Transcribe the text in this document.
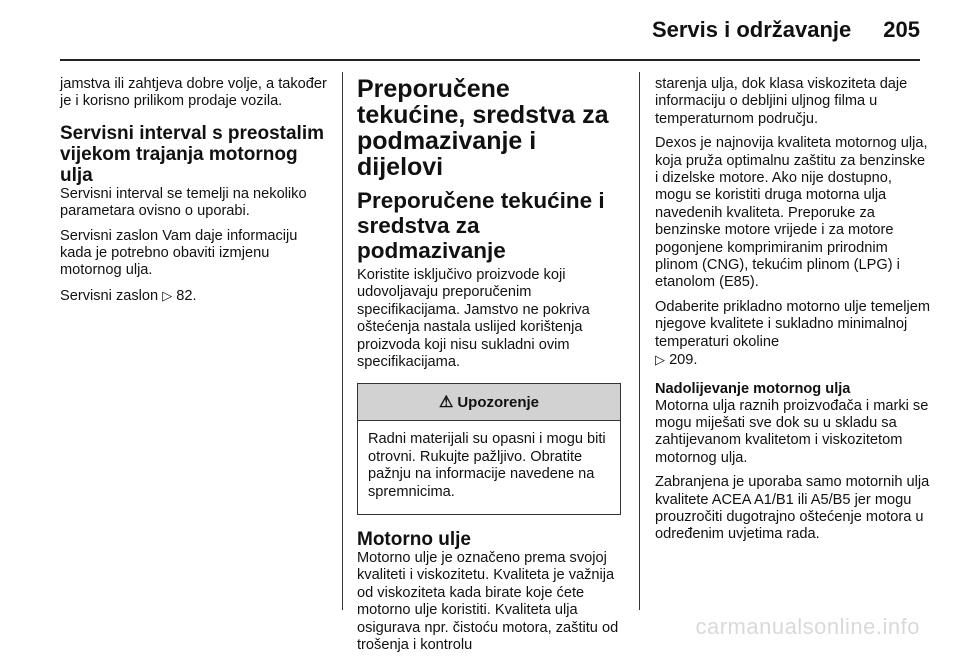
Servis i održavanje 205

jamstva ili zahtjeva dobre volje, a također je i korisno prilikom prodaje vozila.

Servisni interval s preostalim vijekom trajanja motornog ulja

Servisni interval se temelji na nekoliko parametara ovisno o uporabi.

Servisni zaslon Vam daje informaciju kada je potrebno obaviti izmjenu motornog ulja.

Servisni zaslon ▷ 82.

Preporučene tekućine, sredstva za podmazivanje i dijelovi
Preporučene tekućine i sredstva za podmazivanje

Koristite isključivo proizvode koji udovoljavaju preporučenim specifikacijama. Jamstvo ne pokriva oštećenja nastala uslijed korištenja proizvoda koji nisu sukladni ovim specifikacijama.

⚠ Upozorenje

Radni materijali su opasni i mogu biti otrovni. Rukujte pažljivo. Obratite pažnju na informacije navedene na spremnicima.

Motorno ulje

Motorno ulje je označeno prema svojoj kvaliteti i viskozitetu. Kvaliteta je važnija od viskoziteta kada birate koje ćete motorno ulje koristiti. Kvaliteta ulja osigurava npr. čistoću motora, zaštitu od trošenja i kontrolu

starenja ulja, dok klasa viskoziteta daje informaciju o debljini uljnog filma u temperaturnom području.

Dexos je najnovija kvaliteta motornog ulja, koja pruža optimalnu zaštitu za benzinske i dizelske motore. Ako nije dostupno, mogu se koristiti druga motorna ulja navedenih kvaliteta. Preporuke za benzinske motore vrijede i za motore pogonjene komprimiranim prirodnim plinom (CNG), tekućim plinom (LPG) i etanolom (E85).

Odaberite prikladno motorno ulje temeljem njegove kvalitete i sukladno minimalnoj temperaturi okoline
▷ 209.

Nadolijevanje motornog ulja

Motorna ulja raznih proizvođača i marki se mogu miješati sve dok su u skladu sa zahtijevanom kvalitetom i viskozitetom motornog ulja.

Zabranjena je uporaba samo motornih ulja kvalitete ACEA A1/B1 ili A5/B5 jer mogu prouzročiti dugotrajno oštećenje motora u određenim uvjetima rada.

carmanualsonline.info
